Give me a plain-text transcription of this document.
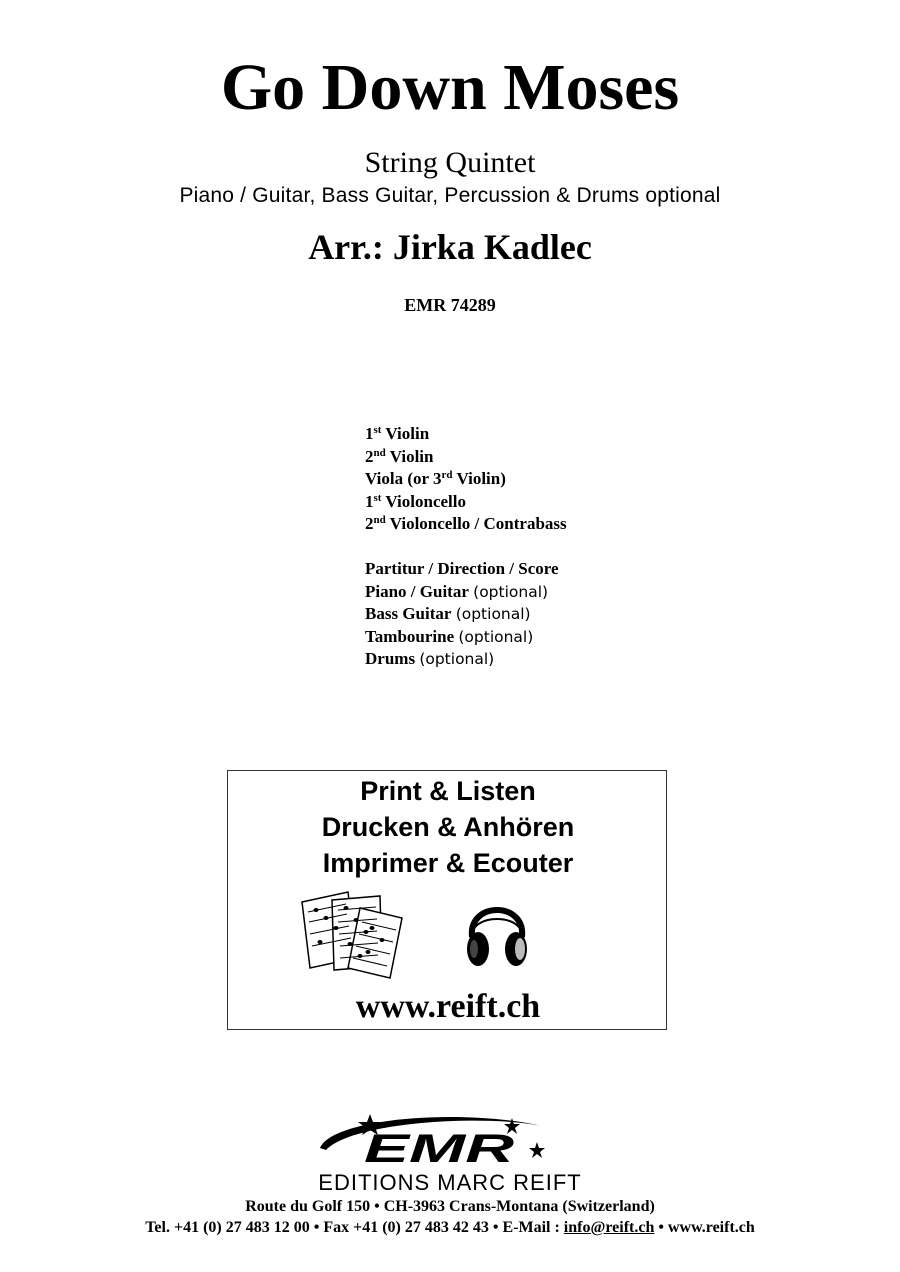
Go Down Moses
String Quintet
Piano / Guitar, Bass Guitar, Percussion & Drums optional
Arr.: Jirka Kadlec
EMR 74289
1st Violin
2nd Violin
Viola (or 3rd Violin)
1st Violoncello
2nd Violoncello / Contrabass
Partitur / Direction / Score
Piano / Guitar (optional)
Bass Guitar (optional)
Tambourine (optional)
Drums (optional)
Print & Listen
Drucken & Anhören
Imprimer & Ecouter
www.reift.ch
EMR
EDITIONS MARC REIFT
Route du Golf 150 • CH-3963 Crans-Montana (Switzerland)
Tel. +41 (0) 27 483 12 00 • Fax +41 (0) 27 483 42 43 • E-Mail : info@reift.ch • www.reift.ch
